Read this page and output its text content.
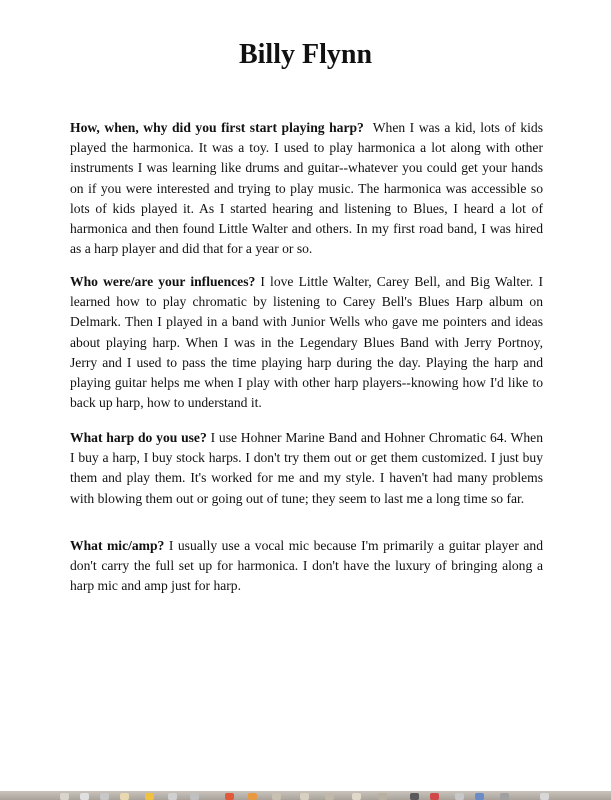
Billy Flynn

How, when, why did you first start playing harp? When I was a kid, lots of kids played the harmonica. It was a toy. I used to play harmonica a lot along with other instruments I was learning like drums and guitar--whatever you could get your hands on if you were interested and trying to play music. The harmonica was accessible so lots of kids played it. As I started hearing and listening to Blues, I heard a lot of harmonica and then found Little Walter and others. In my first road band, I was hired as a harp player and did that for a year or so.

Who were/are your influences? I love Little Walter, Carey Bell, and Big Walter. I learned how to play chromatic by listening to Carey Bell's Blues Harp album on Delmark. Then I played in a band with Junior Wells who gave me pointers and ideas about playing harp. When I was in the Legendary Blues Band with Jerry Portnoy, Jerry and I used to pass the time playing harp during the day. Playing the harp and playing guitar helps me when I play with other harp players--knowing how I'd like to back up harp, how to understand it.

What harp do you use? I use Hohner Marine Band and Hohner Chromatic 64. When I buy a harp, I buy stock harps. I don't try them out or get them customized. I just buy them and play them. It's worked for me and my style. I haven't had many problems with blowing them out or going out of tune; they seem to last me a long time so far.

What mic/amp? I usually use a vocal mic because I'm primarily a guitar player and don't carry the full set up for harmonica. I don't have the luxury of bringing along a harp mic and amp just for harp.
